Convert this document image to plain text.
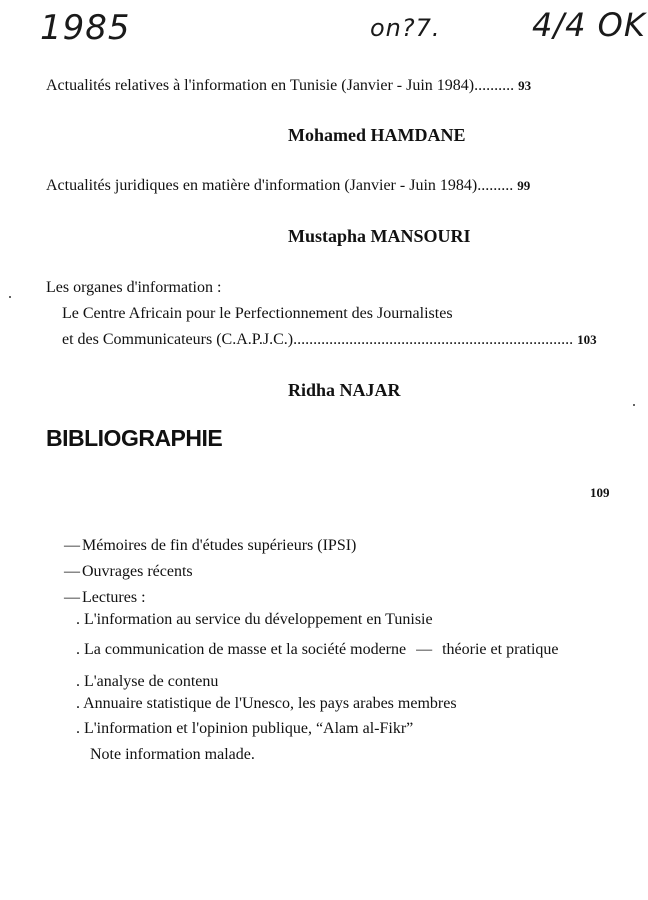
1985	on?7.	4/4 OK
Actualités relatives à l'information en Tunisie (Janvier - Juin 1984).......... 93
Mohamed HAMDANE
Actualités juridiques en matière d'information (Janvier - Juin 1984)......... 99
Mustapha MANSOURI
Les organes d'information :
Le Centre Africain pour le Perfectionnement des Journalistes
et des Communicateurs (C.A.P.J.C.)...................................................................... 103
Ridha NAJAR
BIBLIOGRAPHIE
109
— Mémoires de fin d'études supérieurs (IPSI)
— Ouvrages récents
— Lectures :
. L'information au service du développement en Tunisie
. La communication de masse et la société moderne — théorie et pratique
. L'analyse de contenu
. Annuaire statistique de l'Unesco, les pays arabes membres
. L'information et l'opinion publique, “Alam al-Fikr”
Note information malade.
